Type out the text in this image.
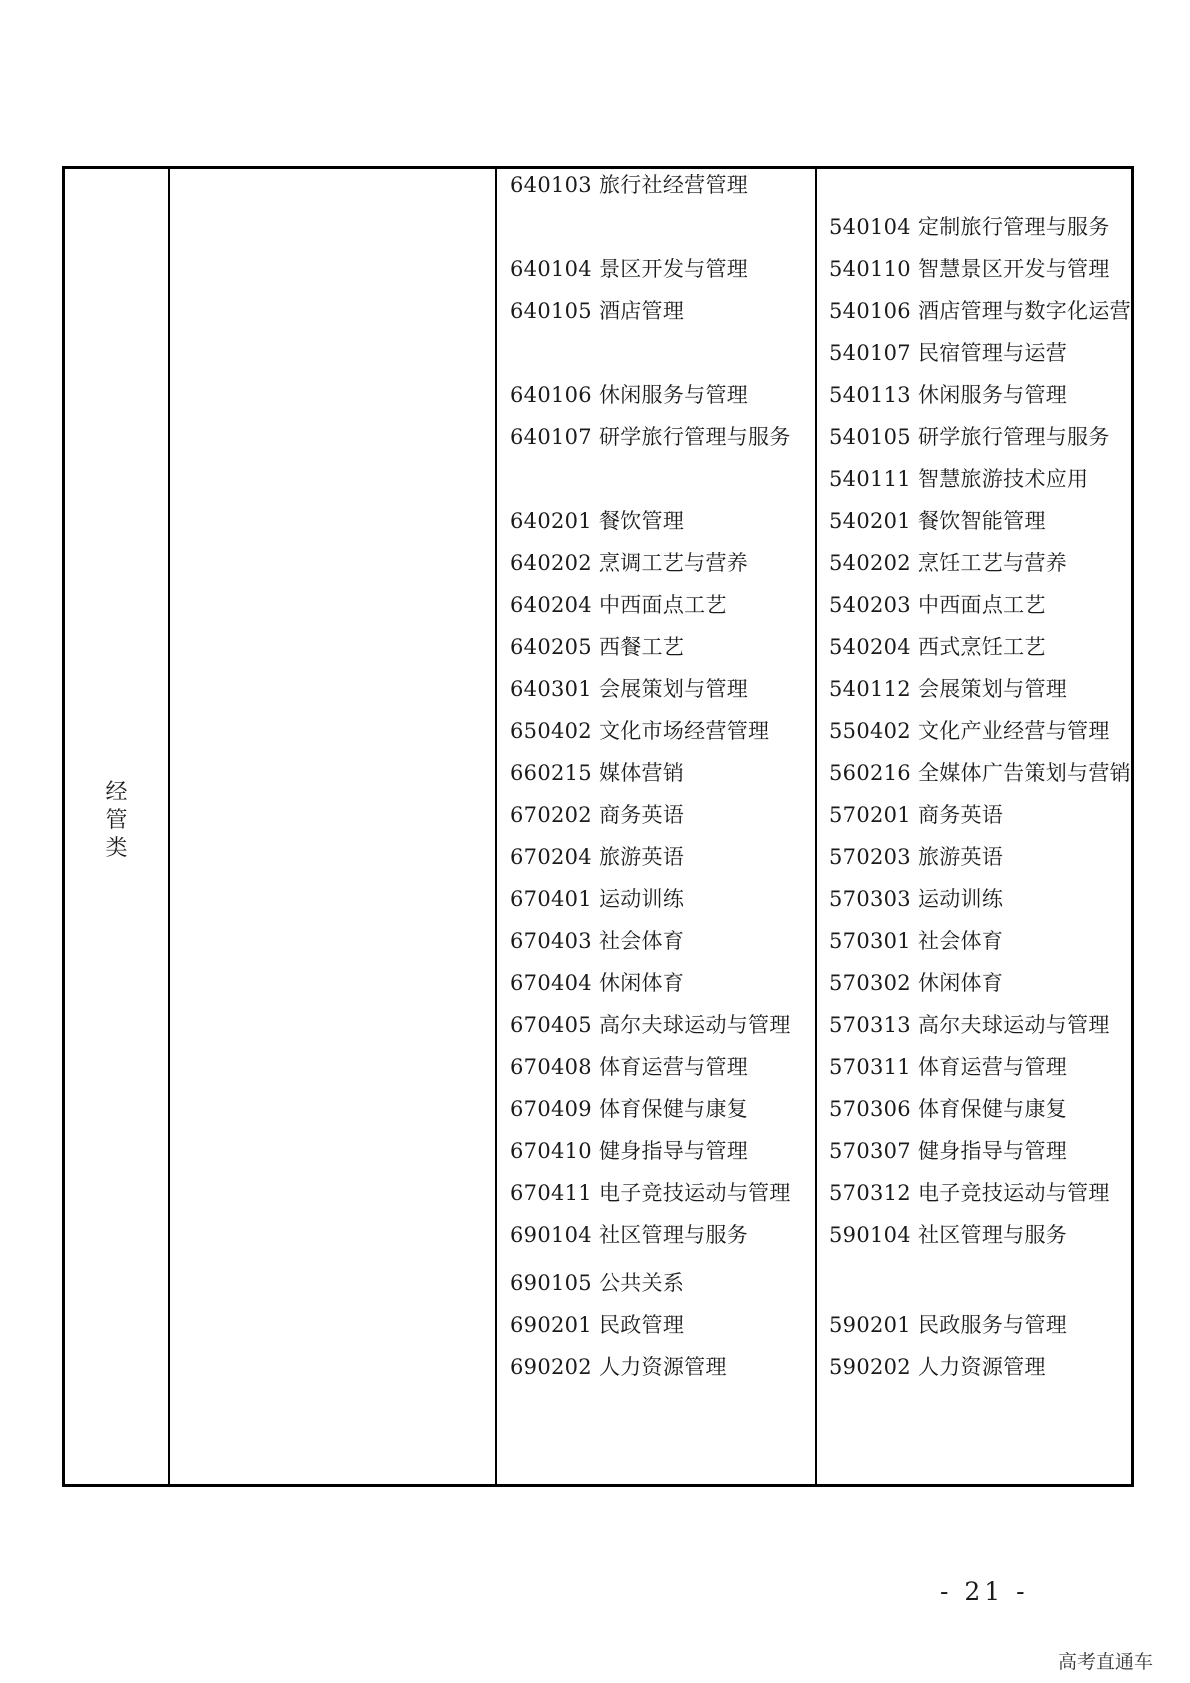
经
管
类
640103 旅行社经营管理
640104 景区开发与管理
640105 酒店管理
640106 休闲服务与管理
640107 研学旅行管理与服务
640201 餐饮管理
640202 烹调工艺与营养
640204 中西面点工艺
640205 西餐工艺
640301 会展策划与管理
650402 文化市场经营管理
660215 媒体营销
670202 商务英语
670204 旅游英语
670401 运动训练
670403 社会体育
670404 休闲体育
670405 高尔夫球运动与管理
670408 体育运营与管理
670409 体育保健与康复
670410 健身指导与管理
670411 电子竞技运动与管理
690104 社区管理与服务
690105 公共关系
690201 民政管理
690202 人力资源管理
540104 定制旅行管理与服务
540110 智慧景区开发与管理
540106 酒店管理与数字化运营
540107 民宿管理与运营
540113 休闲服务与管理
540105 研学旅行管理与服务
540111 智慧旅游技术应用
540201 餐饮智能管理
540202 烹饪工艺与营养
540203 中西面点工艺
540204 西式烹饪工艺
540112 会展策划与管理
550402 文化产业经营与管理
560216 全媒体广告策划与营销
570201 商务英语
570203 旅游英语
570303 运动训练
570301 社会体育
570302 休闲体育
570313 高尔夫球运动与管理
570311 体育运营与管理
570306 体育保健与康复
570307 健身指导与管理
570312 电子竞技运动与管理
590104 社区管理与服务
590201 民政服务与管理
590202 人力资源管理
- 21 -
高考直通车
